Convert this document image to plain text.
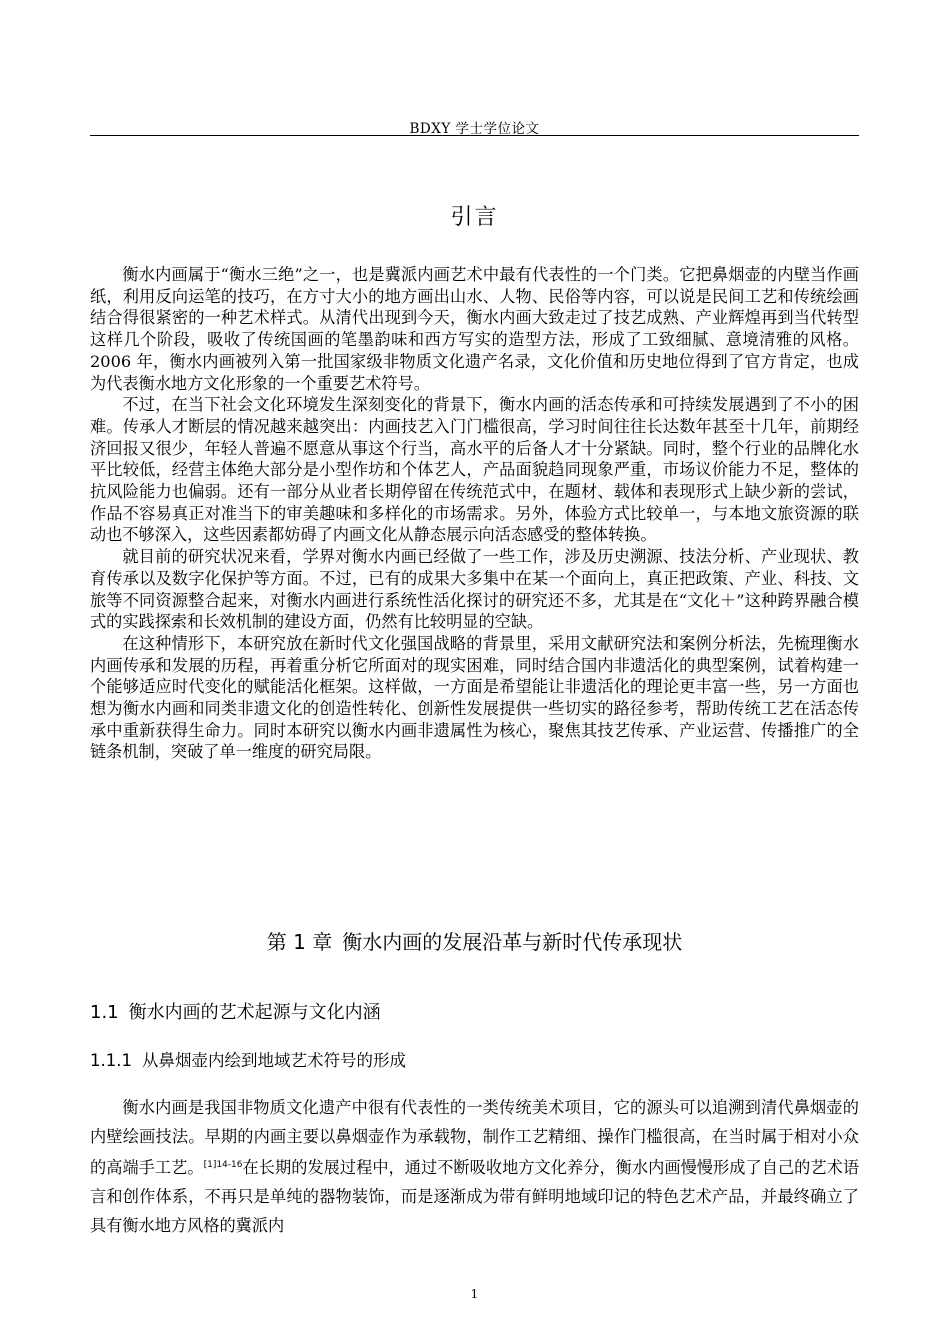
BDXY 学士学位论文
引言

衡水内画属于“衡水三绝”之一，也是冀派内画艺术中最有代表性的一个门类。它把鼻烟壶的内壁当作画纸，利用反向运笔的技巧，在方寸大小的地方画出山水、人物、民俗等内容，可以说是民间工艺和传统绘画结合得很紧密的一种艺术样式。从清代出现到今天，衡水内画大致走过了技艺成熟、产业辉煌再到当代转型这样几个阶段，吸收了传统国画的笔墨韵味和西方写实的造型方法，形成了工致细腻、意境清雅的风格。2006 年，衡水内画被列入第一批国家级非物质文化遗产名录，文化价值和历史地位得到了官方肯定，也成为代表衡水地方文化形象的一个重要艺术符号。

不过，在当下社会文化环境发生深刻变化的背景下，衡水内画的活态传承和可持续发展遇到了不小的困难。传承人才断层的情况越来越突出：内画技艺入门门槛很高，学习时间往往长达数年甚至十几年，前期经济回报又很少，年轻人普遍不愿意从事这个行当，高水平的后备人才十分紧缺。同时，整个行业的品牌化水平比较低，经营主体绝大部分是小型作坊和个体艺人，产品面貌趋同现象严重，市场议价能力不足，整体的抗风险能力也偏弱。还有一部分从业者长期停留在传统范式中，在题材、载体和表现形式上缺少新的尝试，作品不容易真正对准当下的审美趣味和多样化的市场需求。另外，体验方式比较单一，与本地文旅资源的联动也不够深入，这些因素都妨碍了内画文化从静态展示向活态感受的整体转换。

就目前的研究状况来看，学界对衡水内画已经做了一些工作，涉及历史溯源、技法分析、产业现状、教育传承以及数字化保护等方面。不过，已有的成果大多集中在某一个面向上，真正把政策、产业、科技、文旅等不同资源整合起来，对衡水内画进行系统性活化探讨的研究还不多，尤其是在“文化＋”这种跨界融合模式的实践探索和长效机制的建设方面，仍然有比较明显的空缺。

在这种情形下，本研究放在新时代文化强国战略的背景里，采用文献研究法和案例分析法，先梳理衡水内画传承和发展的历程，再着重分析它所面对的现实困难，同时结合国内非遗活化的典型案例，试着构建一个能够适应时代变化的赋能活化框架。这样做，一方面是希望能让非遗活化的理论更丰富一些，另一方面也想为衡水内画和同类非遗文化的创造性转化、创新性发展提供一些切实的路径参考，帮助传统工艺在活态传承中重新获得生命力。同时本研究以衡水内画非遗属性为核心，聚焦其技艺传承、产业运营、传播推广的全链条机制，突破了单一维度的研究局限。

第 1 章 衡水内画的发展沿革与新时代传承现状
1.1 衡水内画的艺术起源与文化内涵
1.1.1 从鼻烟壶内绘到地域艺术符号的形成

衡水内画是我国非物质文化遗产中很有代表性的一类传统美术项目，它的源头可以追溯到清代鼻烟壶的内壁绘画技法。早期的内画主要以鼻烟壶作为承载物，制作工艺精细、操作门槛很高，在当时属于相对小众的高端手工艺。$^{[1]14-16}$在长期的发展过程中，通过不断吸收地方文化养分，衡水内画慢慢形成了自己的艺术语言和创作体系，不再只是单纯的器物装饰，而是逐渐成为带有鲜明地域印记的特色艺术产品，并最终确立了具有衡水地方风格的冀派内

1
